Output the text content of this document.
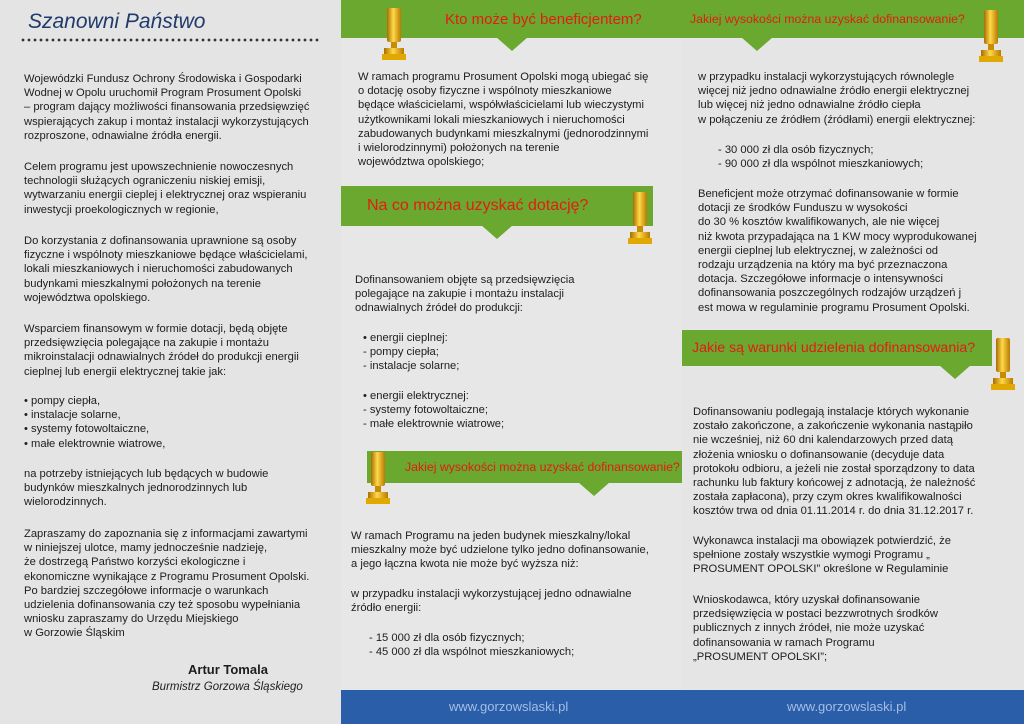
Szanowni Państwo
Wojewódzki Fundusz Ochrony Środowiska i Gospodarki
Wodnej w Opolu uruchomił Program Prosument Opolski
– program dający możliwości finansowania przedsięwzięć
wspierających zakup i montaż instalacji wykorzystujących
rozproszone, odnawialne źródła energii.
Celem programu jest upowszechnienie nowoczesnych
technologii służących ograniczeniu niskiej emisji,
wytwarzaniu energii cieplej i elektrycznej oraz wspieraniu
inwestycji proekologicznych w regionie,
Do korzystania z dofinansowania uprawnione są osoby
fizyczne i wspólnoty mieszkaniowe będące właścicielami,
lokali mieszkaniowych i nieruchomości zabudowanych
budynkami mieszkalnymi położonych na terenie
województwa opolskiego.
Wsparciem finansowym w formie dotacji, będą objęte
przedsięwzięcia polegające na zakupie i montażu
mikroinstalacji odnawialnych źródeł do produkcji energii
cieplnej lub energii elektrycznej takie jak:
• pompy ciepła,
• instalacje solarne,
• systemy fotowoltaiczne,
• małe elektrownie wiatrowe,
na potrzeby istniejących lub będących w budowie
budynków mieszkalnych jednorodzinnych lub
wielorodzinnych.
Zapraszamy do zapoznania się z informacjami zawartymi
w niniejszej ulotce, mamy jednocześnie nadzieję,
że dostrzegą Państwo korzyści ekologiczne i
ekonomiczne wynikające z Programu Prosument Opolski.
Po bardziej szczegółowe informacje o warunkach
udzielenia dofinansowania czy też sposobu wypełniania
wniosku zapraszamy do Urzędu Miejskiego
w Gorzowie Śląskim
Artur Tomala
Burmistrz Gorzowa Śląskiego
Kto może być beneficjentem?
W ramach programu Prosument Opolski mogą ubiegać się
o dotację osoby fizyczne i wspólnoty mieszkaniowe
będące właścicielami, współwłaścicielami lub wieczystymi
użytkownikami lokali mieszkaniowych i nieruchomości
zabudowanych budynkami mieszkalnymi (jednorodzinnymi
i wielorodzinnymi) położonych na terenie
województwa opolskiego;
Na co można uzyskać dotację?
Dofinansowaniem objęte są przedsięwzięcia
polegające na zakupie i montażu instalacji
odnawialnych źródeł do produkcji:
• energii cieplnej:
- pompy ciepła;
- instalacje solarne;
• energii elektrycznej:
- systemy fotowoltaiczne;
- małe elektrownie wiatrowe;
Jakiej wysokości można uzyskać dofinansowanie?
W ramach Programu na jeden budynek mieszkalny/lokal
mieszkalny może być udzielone tylko jedno dofinansowanie,
a jego łączna kwota nie może być wyższa niż:
w przypadku instalacji wykorzystującej jedno odnawialne
źródło energii:
- 15 000 zł dla osób fizycznych;
- 45 000 zł dla wspólnot mieszkaniowych;
Jakiej wysokości można uzyskać dofinansowanie?
w przypadku instalacji wykorzystujących równolegle
więcej niż jedno odnawialne źródło energii elektrycznej
lub więcej niż jedno odnawialne źródło ciepła
w połączeniu ze źródłem (źródłami) energii elektrycznej:
- 30 000 zł dla osób fizycznych;
- 90 000 zł dla wspólnot mieszkaniowych;
Beneficjent może otrzymać dofinansowanie w formie
dotacji ze środków Funduszu w wysokości
do 30 % kosztów kwalifikowanych, ale nie więcej
niż kwota przypadająca na 1 KW mocy wyprodukowanej
energii cieplnej lub elektrycznej, w zależności od
rodzaju urządzenia na który ma być przeznaczona
dotacja. Szczegółowe informacje o intensywności
dofinansowania poszczególnych rodzajów urządzeń j
est mowa w regulaminie programu Prosument Opolski.
Jakie są warunki udzielenia dofinansowania?
Dofinansowaniu podlegają instalacje których wykonanie
zostało zakończone, a zakończenie wykonania nastąpiło
nie wcześniej, niż 60 dni kalendarzowych przed datą
złożenia wniosku o dofinansowanie (decyduje data
protokołu odbioru, a jeżeli nie został sporządzony to data
rachunku lub faktury końcowej z adnotacją, że należność
została zapłacona), przy czym okres kwalifikowalności
kosztów trwa od dnia 01.11.2014 r. do dnia 31.12.2017 r.
Wykonawca instalacji ma obowiązek potwierdzić, że
spełnione zostały wszystkie wymogi Programu „
PROSUMENT OPOLSKI” określone w Regulaminie
Wnioskodawca, który uzyskał dofinansowanie
przedsięwzięcia w postaci bezzwrotnych środków
publicznych z innych źródeł, nie może uzyskać
dofinansowania w ramach Programu
„PROSUMENT OPOLSKI”;
www.gorzowslaski.pl	www.gorzowslaski.pl
